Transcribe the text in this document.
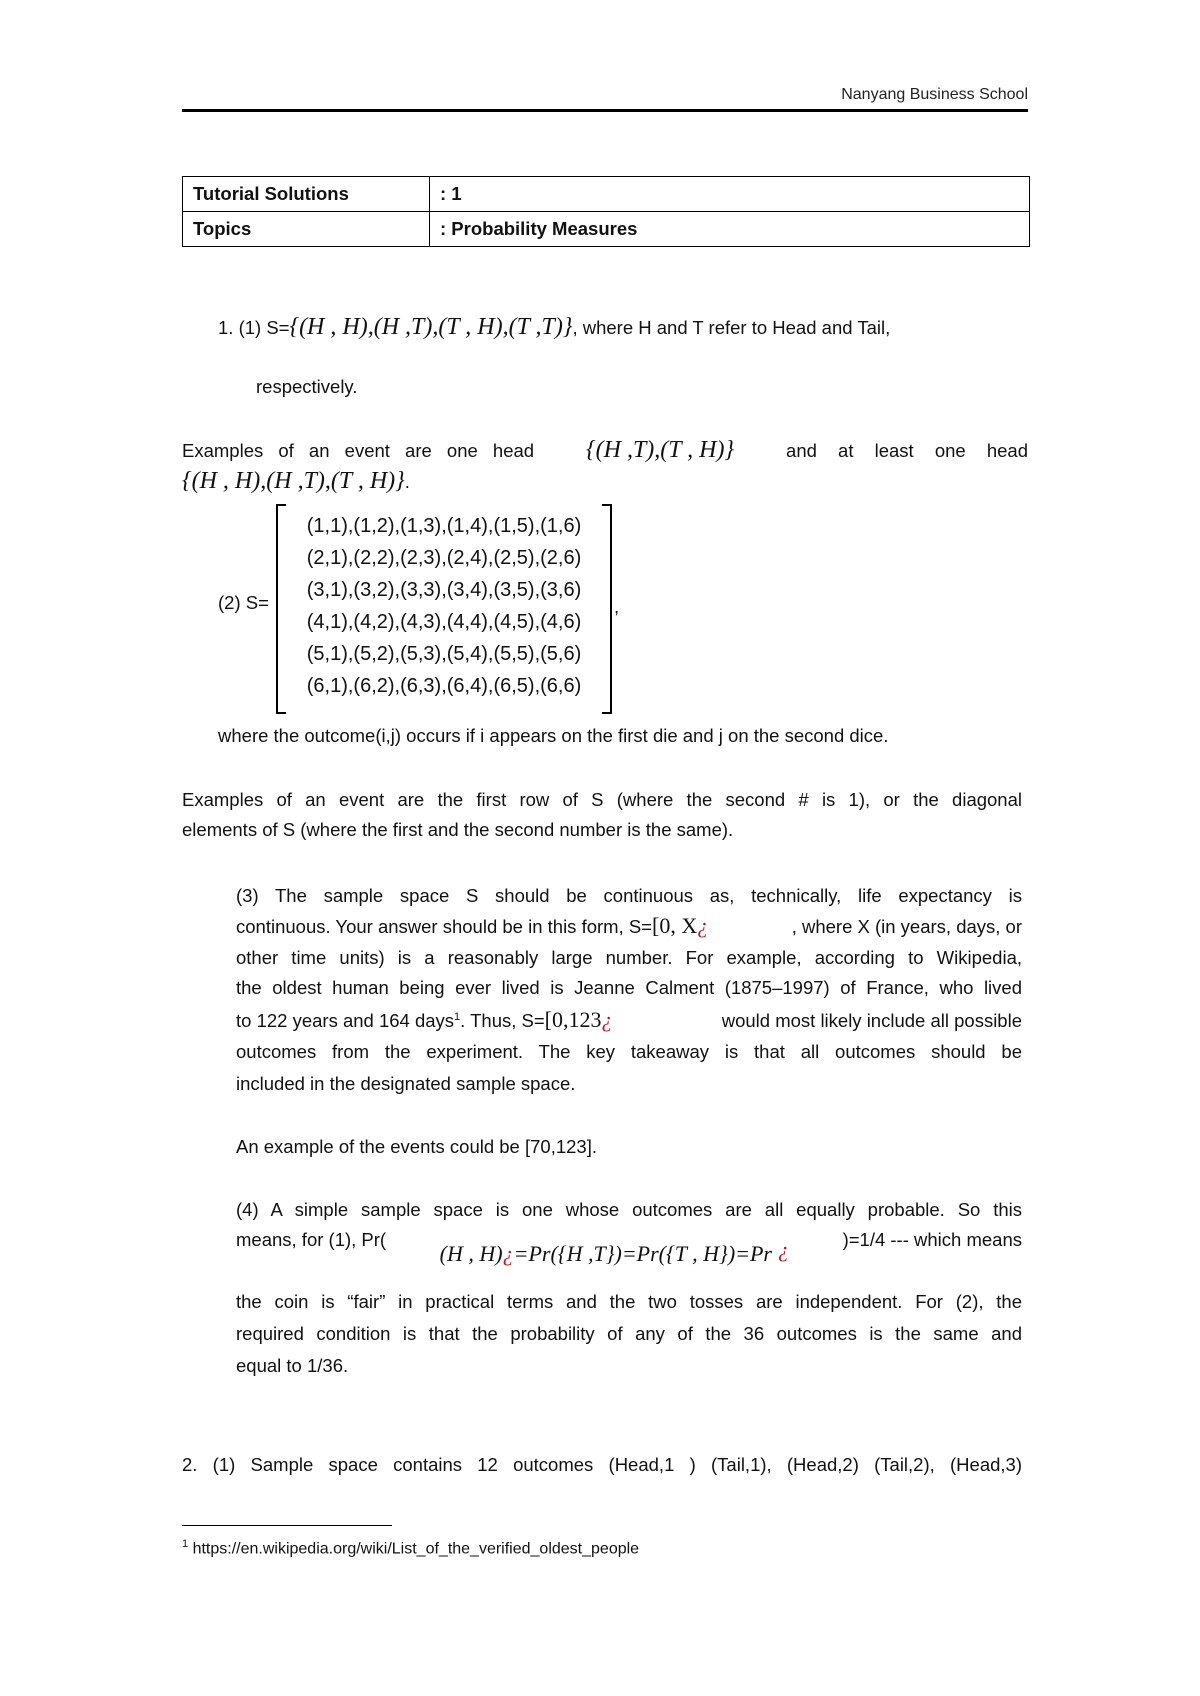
Nanyang Business School
Tutorial Solutions	: 1
Topics	: Probability Measures
1. (1) S={(H , H),(H ,T),(T , H),(T ,T)}, where H and T refer to Head and Tail,
respectively.
Examples of an event are one head {(H ,T),(T , H)}	and at least one head
{(H , H),(H ,T),(T , H)}.
(2) S=
(1,1),(1,2),(1,3),(1,4),(1,5),(1,6)
(2,1),(2,2),(2,3),(2,4),(2,5),(2,6)
(3,1),(3,2),(3,3),(3,4),(3,5),(3,6)
(4,1),(4,2),(4,3),(4,4),(4,5),(4,6)
(5,1),(5,2),(5,3),(5,4),(5,5),(5,6)
(6,1),(6,2),(6,3),(6,4),(6,5),(6,6)
,
where the outcome(i,j) occurs if i appears on the first die and j on the second dice.
Examples of an event are the first row of S (where the second # is 1), or the diagonal
elements of S (where the first and the second number is the same).
(3) The sample space S should be continuous as, technically, life expectancy is
continuous. Your answer should be in this form, S=[0, X¿	, where X (in years, days, or
other time units) is a reasonably large number. For example, according to Wikipedia,
the oldest human being ever lived is Jeanne Calment (1875–1997) of France, who lived
to 122 years and 164 days$^1$. Thus, S=[0,123¿	would most likely include all possible
outcomes from the experiment. The key takeaway is that all outcomes should be
included in the designated sample space.
An example of the events could be [70,123].
(4) A simple sample space is one whose outcomes are all equally probable. So this
means, for (1), Pr(
(H , H)¿=Pr({H ,T})=Pr({T , H})=Pr ¿	)=1/4 --- which means
the coin is “fair” in practical terms and the two tosses are independent. For (2), the
required condition is that the probability of any of the 36 outcomes is the same and
equal to 1/36.
2. (1) Sample space contains 12 outcomes (Head,1 ) (Tail,1), (Head,2) (Tail,2), (Head,3)
$^1$ https://en.wikipedia.org/wiki/List_of_the_verified_oldest_people
